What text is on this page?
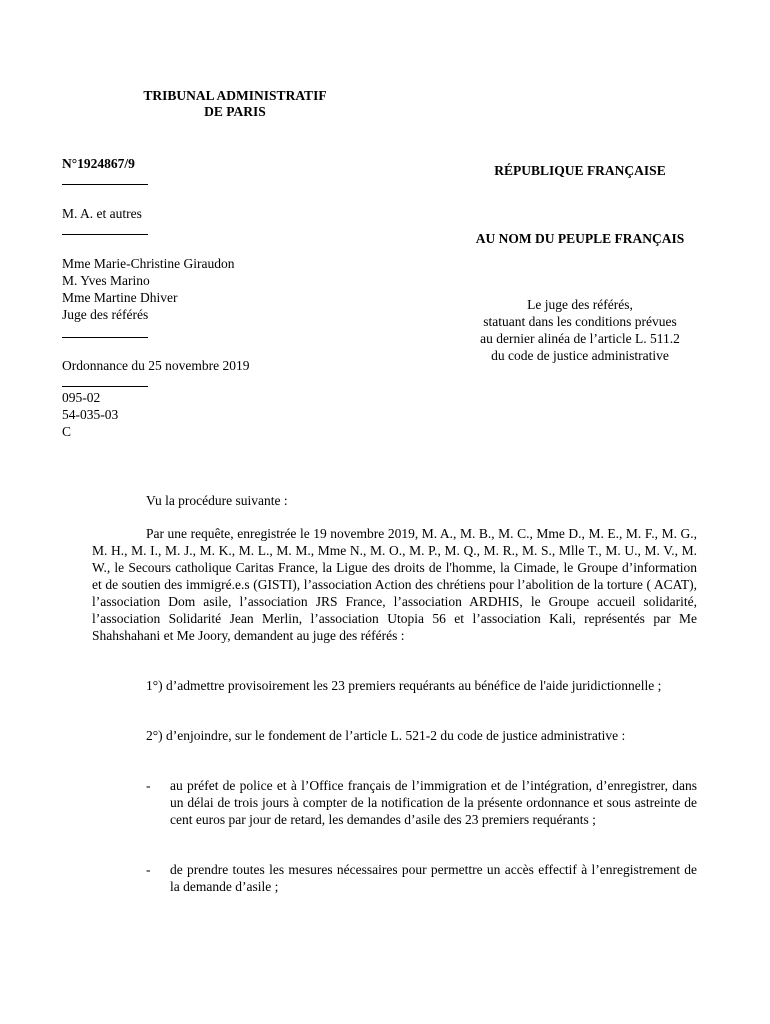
TRIBUNAL ADMINISTRATIF
DE PARIS
N°1924867/9
M. A. et autres
Mme Marie-Christine Giraudon
M. Yves Marino
Mme Martine Dhiver
Juge des référés
Ordonnance du 25 novembre 2019
095-02
54-035-03
C
RÉPUBLIQUE FRANÇAISE
AU NOM DU PEUPLE FRANÇAIS
Le juge des référés,
statuant dans les conditions prévues
au dernier alinéa de l’article L. 511.2
du code de justice administrative
Vu la procédure suivante :
Par une requête, enregistrée le 19 novembre 2019, M. A., M. B., M. C., Mme D., M. E., M. F., M. G., M. H., M. I., M. J., M. K., M. L., M. M., Mme N., M. O., M. P., M. Q., M. R., M. S., Mlle T., M. U., M. V., M. W., le Secours catholique Caritas France, la Ligue des droits de l'homme, la Cimade, le Groupe d’information et de soutien des immigré.e.s (GISTI), l’association Action des chrétiens pour l’abolition de la torture ( ACAT), l’association Dom asile, l’association JRS France, l’association ARDHIS, le Groupe accueil solidarité, l’association Solidarité Jean Merlin, l’association Utopia 56 et l’association Kali, représentés par Me Shahshahani et Me Joory, demandent au juge des référés :
1°) d’admettre provisoirement les 23 premiers requérants au bénéfice de l'aide juridictionnelle ;
2°) d’enjoindre, sur le fondement de l’article L. 521-2 du code de justice administrative :
-	au préfet de police et à l’Office français de l’immigration et de l’intégration, d’enregistrer, dans un délai de trois jours à compter de la notification de la présente ordonnance et sous astreinte de cent euros par jour de retard, les demandes d’asile des 23 premiers requérants ;
-	de prendre toutes les mesures nécessaires pour permettre un accès effectif à l’enregistrement de la demande d’asile ;
